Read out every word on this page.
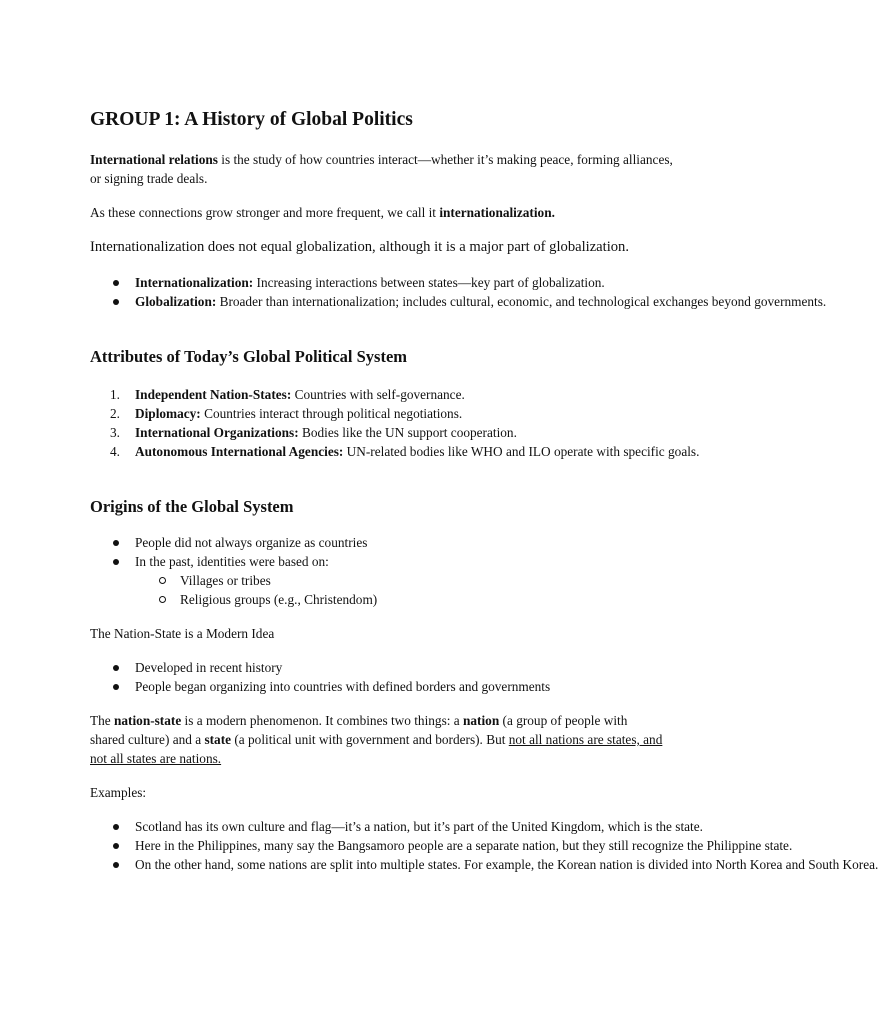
GROUP 1: A History of Global Politics

International relations is the study of how countries interact—whether it’s making peace, forming alliances, or signing trade deals.

As these connections grow stronger and more frequent, we call it internationalization.

Internationalization does not equal globalization, although it is a major part of globalization.

Internationalization: Increasing interactions between states—key part of globalization.
Globalization: Broader than internationalization; includes cultural, economic, and technological exchanges beyond governments.
Attributes of Today’s Global Political System
1. Independent Nation-States: Countries with self-governance.
2. Diplomacy: Countries interact through political negotiations.
3. International Organizations: Bodies like the UN support cooperation.
4. Autonomous International Agencies: UN-related bodies like WHO and ILO operate with specific goals.
Origins of the Global System
People did not always organize as countries
In the past, identities were based on:
Villages or tribes
Religious groups (e.g., Christendom)

The Nation-State is a Modern Idea

Developed in recent history
People began organizing into countries with defined borders and governments

The nation-state is a modern phenomenon. It combines two things: a nation (a group of people with shared culture) and a state (a political unit with government and borders). But not all nations are states, and not all states are nations.

Examples:

Scotland has its own culture and flag—it’s a nation, but it’s part of the United Kingdom, which is the state.
Here in the Philippines, many say the Bangsamoro people are a separate nation, but they still recognize the Philippine state.
On the other hand, some nations are split into multiple states. For example, the Korean nation is divided into North Korea and South Korea.
